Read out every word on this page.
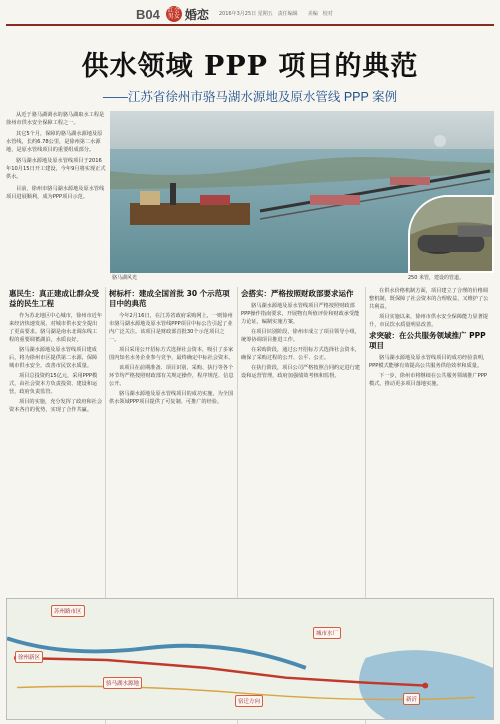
B04	红会男女 婚恋 2016年3月25日 星期五　责任编辑　　美编　校对
供水领域 PPP 项目的典范
——江苏省徐州市骆马湖水源地及原水管线 PPP 案例

从近于骆马湖调水的骆马湖取水工程是徐州市供水安全保障工程之一。

其它5个月，保障的骆马湖水源地及原水管线，长约6.78公里，是徐州第二水源地、是原水管线项目的重要组成部分。

骆马湖水源地及原水管线项目于2016年10月15日开工建设，今年9月将实现正式供水。

目前，徐州市骆马湖水源地及原水管线项目进展顺利，成为PPP项目示范。

骆马湖风光	250 米管，建设的管道。
惠民生：真正建成让群众受益的民生工程

作为苏北地区中心城市，徐州市近年来经济快速发展，对城市供水安全提出了更高要求。骆马湖是南水北调东线工程的重要调蓄湖泊，水质良好。

骆马湖水源地及原水管线项目建成后，将为徐州市区提供第二水源，保障城市供水安全，改善市民饮水质量。

项目总投资约15亿元，采用PPP模式，由社会资本方负责投资、建设和运营，政府负责监管。

项目的实施，充分发挥了政府和社会资本各自的优势，实现了合作共赢。

树标杆：建成全国首批 30 个示范项目中的典范

今年2月16日，在江苏省政府采购网上，一则徐州市骆马湖水源地及原水管线PPP项目中标公告引起了业内广泛关注。该项目是财政部首批30个示范项目之一。

项目采用公开招标方式选择社会资本，吸引了多家国内知名水务企业参与竞争，最终确定中标社会资本。

该项目在前期准备、项目识别、采购、执行等各个环节均严格按照财政部有关规定操作，程序规范、信息公开。

骆马湖水源地及原水管线项目的成功实施，为全国供水领域PPP项目提供了可复制、可推广的经验。

会搭实：严格按照财政部要求运作

骆马湖水源地及原水管线项目严格按照财政部PPP操作指南要求，开展物有所值评价和财政承受能力论证，编制实施方案。

在项目识别阶段，徐州市成立了项目领导小组，统筹协调项目推进工作。

在采购阶段，通过公开招标方式选择社会资本，确保了采购过程的公开、公平、公正。

在执行阶段，项目公司严格按照合同约定进行建设和运营管理，政府加强绩效考核和监督。

在供水价格机制方面，项目建立了合理的价格调整机制，既保障了社会资本的合理收益，又维护了公共利益。

项目实施以来，徐州市供水安全保障能力显著提升，市民饮水质量明显改善。

求突破：在公共服务领域推广 PPP 项目

骆马湖水源地及原水管线项目的成功经验表明，PPP模式能够有效提高公共服务供给效率和质量。

下一步，徐州市将继续在公共服务领域推广PPP模式，推动更多项目落地实施。

苏州路市区
骆马湖水源地
徐州新区
城市水厂
宿迁方向	新沂
